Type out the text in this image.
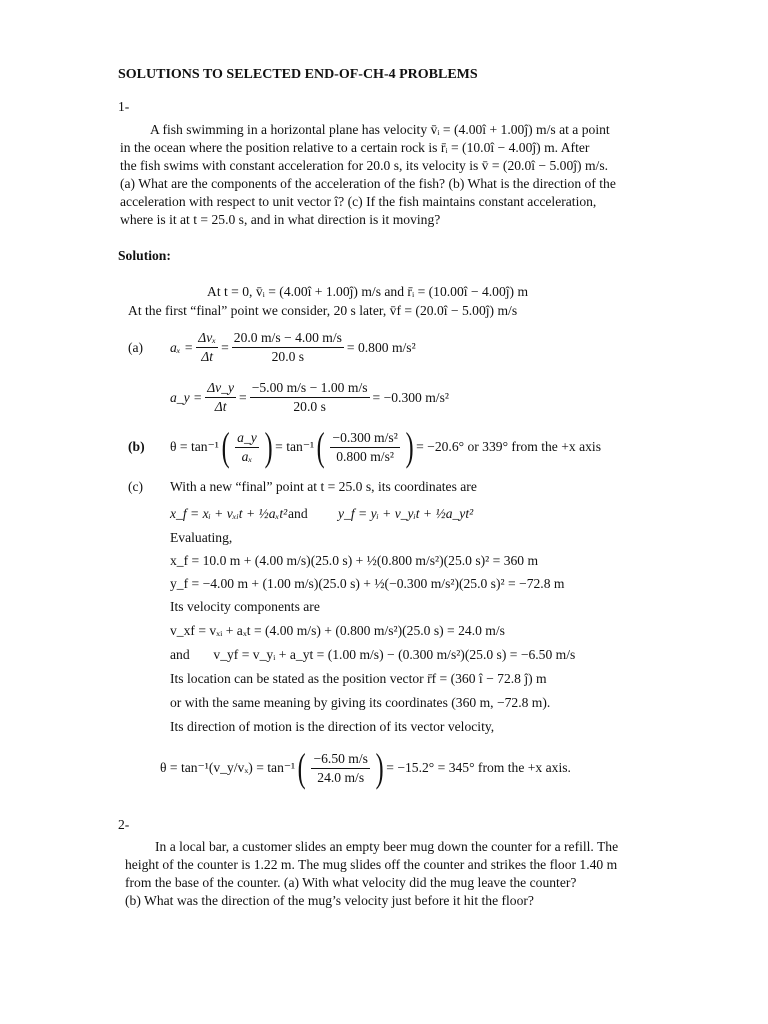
SOLUTIONS TO SELECTED END-OF-CH-4 PROBLEMS
1-
A fish swimming in a horizontal plane has velocity v̄ᵢ = (4.00î + 1.00ĵ) m/s at a point
in the ocean where the position relative to a certain rock is r̄ᵢ = (10.0î − 4.00ĵ) m. After
the fish swims with constant acceleration for 20.0 s, its velocity is v̄ = (20.0î − 5.00ĵ) m/s.
(a) What are the components of the acceleration of the fish? (b) What is the direction of the
acceleration with respect to unit vector î? (c) If the fish maintains constant acceleration,
where is it at t = 25.0 s, and in what direction is it moving?
Solution:
At t = 0, v̄ᵢ = (4.00î + 1.00ĵ) m/s and r̄ᵢ = (10.00î − 4.00ĵ) m
At the first “final” point we consider, 20 s later, v̄f = (20.0î − 5.00ĵ) m/s
(a)	$a_x = \frac{\text{Δvₓ}}{\Delta t} = \frac{20.0 m/s - 4.00 m/s}{20.0 s} = 0.800$ m/s²
a_y = $\frac{\Delta v\_y}{\Delta t} = \frac{-5.00 m/s - 1.00 m/s}{20.0 s} = -0.300$ m/s²
(b)	θ = tan⁻¹ ( $\frac{a\_y}{\text{aₓ}}$ ) = tan⁻¹ ( $\frac{\text{−0.300 m/s²}}{\text{0.800 m/s²}}$ ) = −20.6° or 339° from the +x axis
(c)	With a new “final” point at t = 25.0 s, its coordinates are
x_f = xᵢ + vₓᵢt + ½aₓt² and y_f = yᵢ + v_yᵢt + ½a_yt²
Evaluating,
x_f = 10.0 m + (4.00 m/s)(25.0 s) + ½(0.800 m/s²)(25.0 s)² = 360 m
y_f = −4.00 m + (1.00 m/s)(25.0 s) + ½(−0.300 m/s²)(25.0 s)² = −72.8 m
Its velocity components are
v_xf = vₓᵢ + aₓt = (4.00 m/s) + (0.800 m/s²)(25.0 s) = 24.0 m/s
and v_yf = v_yᵢ + a_yt = (1.00 m/s) − (0.300 m/s²)(25.0 s) = −6.50 m/s
Its location can be stated as the position vector r̄f = (360 î − 72.8 ĵ) m
or with the same meaning by giving its coordinates (360 m, −72.8 m).
Its direction of motion is the direction of its vector velocity,
θ = tan⁻¹(v_y/vₓ) = tan⁻¹ ( $\frac{-6.50 m/s}{24.0 m/s}$ ) = −15.2° = 345° from the +x axis.
2-
In a local bar, a customer slides an empty beer mug down the counter for a refill. The
height of the counter is 1.22 m. The mug slides off the counter and strikes the floor 1.40 m
from the base of the counter. (a) With what velocity did the mug leave the counter?
(b) What was the direction of the mug’s velocity just before it hit the floor?
